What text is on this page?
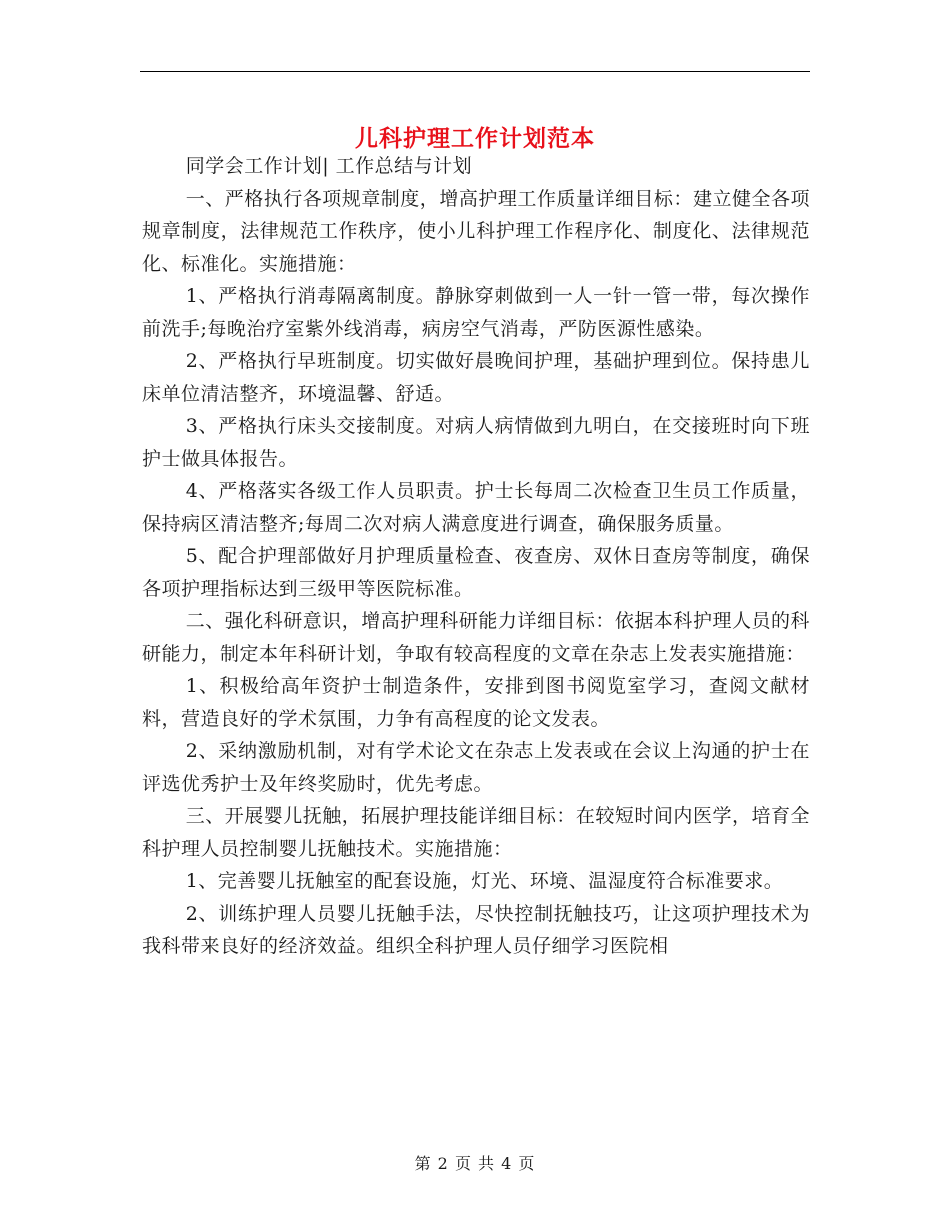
儿科护理工作计划范本

同学会工作计划| 工作总结与计划

一、严格执行各项规章制度，增高护理工作质量详细目标：建立健全各项规章制度，法律规范工作秩序，使小儿科护理工作程序化、制度化、法律规范化、标准化。实施措施：

1、严格执行消毒隔离制度。静脉穿刺做到一人一针一管一带，每次操作前洗手;每晚治疗室紫外线消毒，病房空气消毒，严防医源性感染。

2、严格执行早班制度。切实做好晨晚间护理，基础护理到位。保持患儿床单位清洁整齐，环境温馨、舒适。

3、严格执行床头交接制度。对病人病情做到九明白，在交接班时向下班护士做具体报告。

4、严格落实各级工作人员职责。护士长每周二次检查卫生员工作质量，保持病区清洁整齐;每周二次对病人满意度进行调查，确保服务质量。

5、配合护理部做好月护理质量检查、夜查房、双休日查房等制度，确保各项护理指标达到三级甲等医院标准。

二、强化科研意识，增高护理科研能力详细目标：依据本科护理人员的科研能力，制定本年科研计划，争取有较高程度的文章在杂志上发表实施措施：

1、积极给高年资护士制造条件，安排到图书阅览室学习，查阅文献材料，营造良好的学术氛围，力争有高程度的论文发表。

2、采纳激励机制，对有学术论文在杂志上发表或在会议上沟通的护士在评选优秀护士及年终奖励时，优先考虑。

三、开展婴儿抚触，拓展护理技能详细目标：在较短时间内医学，培育全科护理人员控制婴儿抚触技术。实施措施：

1、完善婴儿抚触室的配套设施，灯光、环境、温湿度符合标准要求。

2、训练护理人员婴儿抚触手法，尽快控制抚触技巧，让这项护理技术为我科带来良好的经济效益。组织全科护理人员仔细学习医院相

第 2 页 共 4 页
